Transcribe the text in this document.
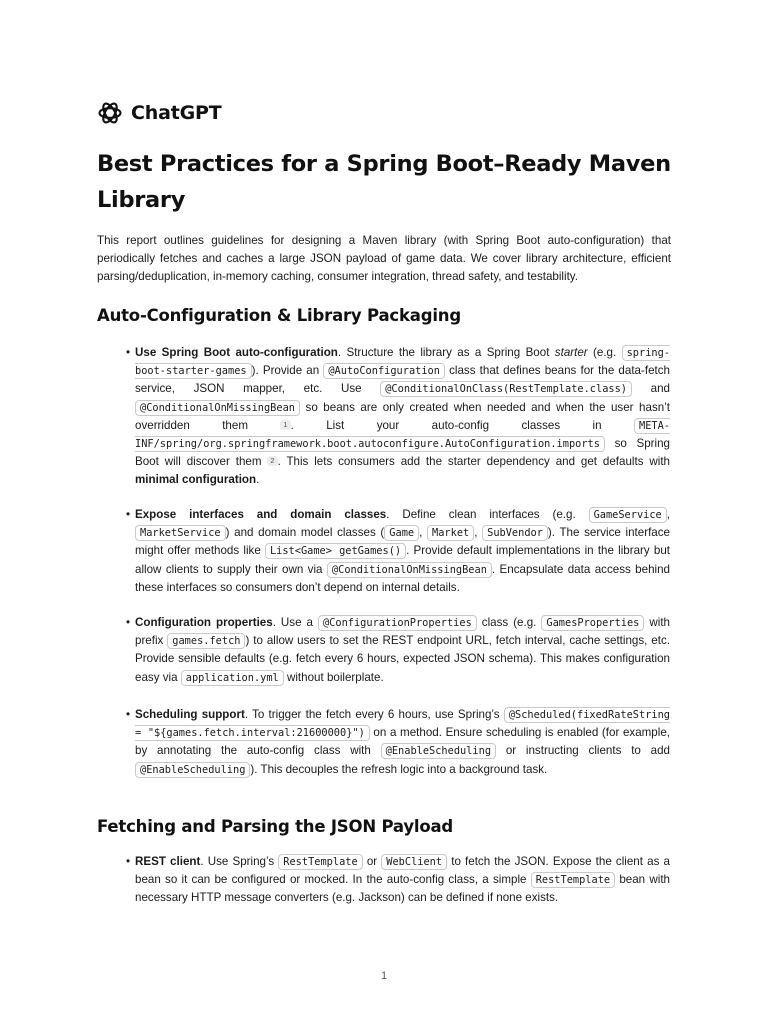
ChatGPT
Best Practices for a Spring Boot–Ready Maven Library

This report outlines guidelines for designing a Maven library (with Spring Boot auto-configuration) that periodically fetches and caches a large JSON payload of game data. We cover library architecture, efficient parsing/deduplication, in-memory caching, consumer integration, thread safety, and testability.

Auto-Configuration & Library Packaging

• Use Spring Boot auto-configuration. Structure the library as a Spring Boot starter (e.g. spring-boot-starter-games ). Provide an @AutoConfiguration class that defines beans for the data-fetch service, JSON mapper, etc. Use @ConditionalOnClass(RestTemplate.class) and @ConditionalOnMissingBean so beans are only created when needed and when the user hasn’t overridden them 1 . List your auto-config classes in META-INF/spring/org.springframework.boot.autoconfigure.AutoConfiguration.imports so Spring Boot will discover them 2 . This lets consumers add the starter dependency and get defaults with minimal configuration.

• Expose interfaces and domain classes. Define clean interfaces (e.g. GameService , MarketService ) and domain model classes ( Game , Market , SubVendor ). The service interface might offer methods like List<Game> getGames() . Provide default implementations in the library but allow clients to supply their own via @ConditionalOnMissingBean . Encapsulate data access behind these interfaces so consumers don’t depend on internal details.

• Configuration properties. Use a @ConfigurationProperties class (e.g. GamesProperties with prefix games.fetch ) to allow users to set the REST endpoint URL, fetch interval, cache settings, etc. Provide sensible defaults (e.g. fetch every 6 hours, expected JSON schema). This makes configuration easy via application.yml without boilerplate.

• Scheduling support. To trigger the fetch every 6 hours, use Spring’s @Scheduled(fixedRateString = "${games.fetch.interval:21600000}") on a method. Ensure scheduling is enabled (for example, by annotating the auto-config class with @EnableScheduling or instructing clients to add @EnableScheduling ). This decouples the refresh logic into a background task.

Fetching and Parsing the JSON Payload

• REST client. Use Spring’s RestTemplate or WebClient to fetch the JSON. Expose the client as a bean so it can be configured or mocked. In the auto-config class, a simple RestTemplate bean with necessary HTTP message converters (e.g. Jackson) can be defined if none exists.

1
